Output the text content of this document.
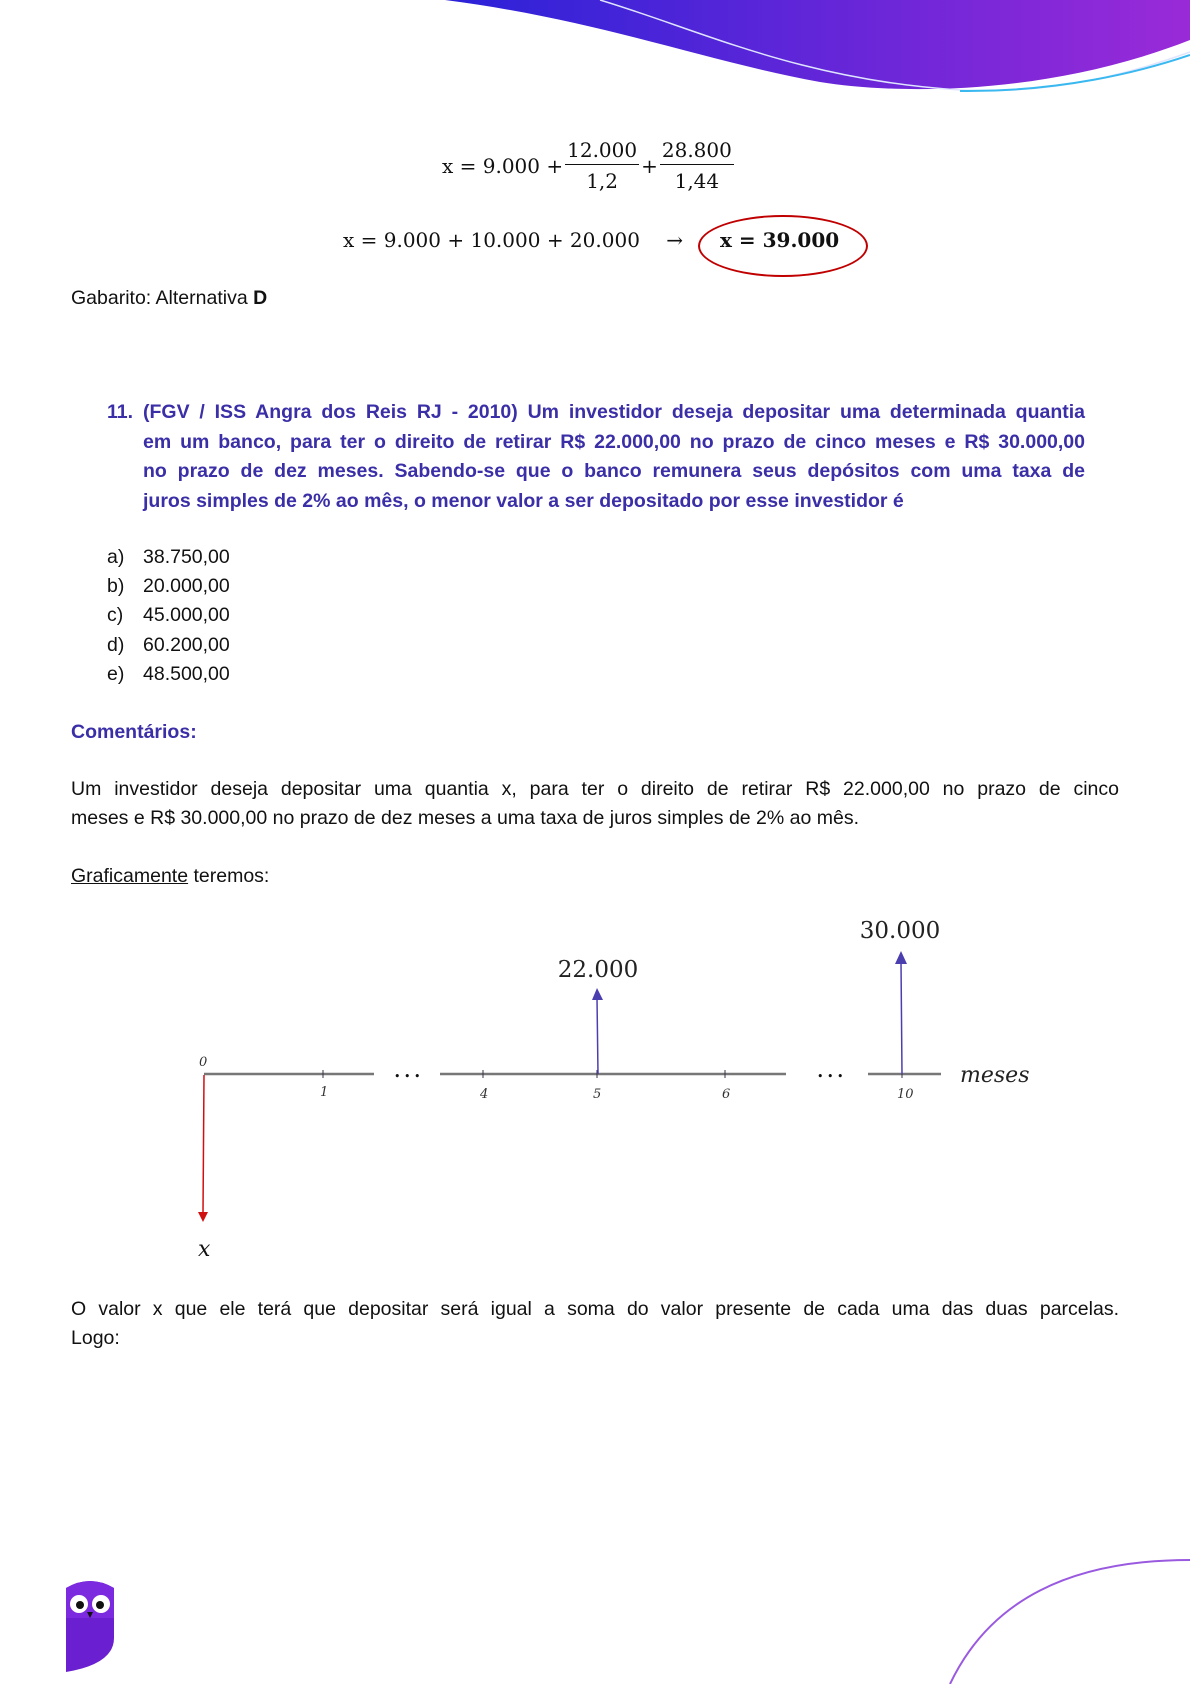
$x = 9.000 + \frac{12.000}{1,2} + \frac{28.800}{1,44}$
x = 9.000 + 10.000 + 20.000 → x = 39.000
Gabarito: Alternativa D
11. (FGV / ISS Angra dos Reis RJ - 2010) Um investidor deseja depositar uma determinada quantia
em um banco, para ter o direito de retirar R$ 22.000,00 no prazo de cinco meses e R$ 30.000,00
no prazo de dez meses. Sabendo-se que o banco remunera seus depósitos com uma taxa de
juros simples de 2% ao mês, o menor valor a ser depositado por esse investidor é
a) 38.750,00
b) 20.000,00
c) 45.000,00
d) 60.200,00
e) 48.500,00
Comentários:
Um investidor deseja depositar uma quantia x, para ter o direito de retirar R$ 22.000,00 no prazo de cinco
meses e R$ 30.000,00 no prazo de dez meses a uma taxa de juros simples de 2% ao mês.
Graficamente teremos:
• • •	• • •
0
1	4	5	6	10
meses
x
22.000
30.000
O valor x que ele terá que depositar será igual a soma do valor presente de cada uma das duas parcelas.
Logo:
